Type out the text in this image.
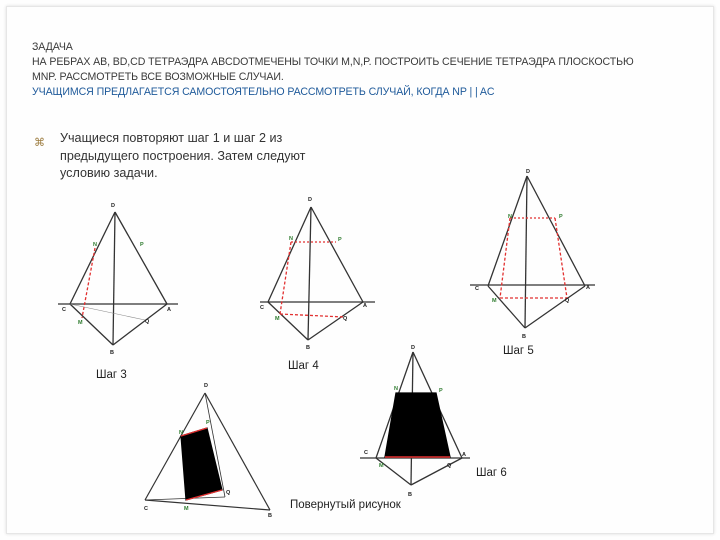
ЗАДАЧА
НА РЕБРАХ АВ, ВD,CD ТЕТРАЭДРА ABCDОТМЕЧЕНЫ ТОЧКИ M,N,P. ПОСТРОИТЬ СЕЧЕНИЕ ТЕТРАЭДРА ПЛОСКОСТЬЮ
MNP. РАССМОТРЕТЬ ВСЕ ВОЗМОЖНЫЕ СЛУЧАИ.
УЧАЩИМСЯ ПРЕДЛАГАЕТСЯ САМОСТОЯТЕЛЬНО РАССМОТРЕТЬ СЛУЧАЙ, КОГДА NP | | AC
⌘ Учащиеся повторяют шаг 1 и шаг 2 из
предыдущего построения. Затем следуют
условию задачи.
D
N	P
C
M	Q
A
B
D
N	P
C
M	Q
A
B
D
N	P
C
M	Q
A
B
D
N	P
C
M	Q
A
B
D
N
P
C	M
Q
B
Шаг 3
Шаг 4
Шаг 5
Шаг 6
Повернутый рисунок
